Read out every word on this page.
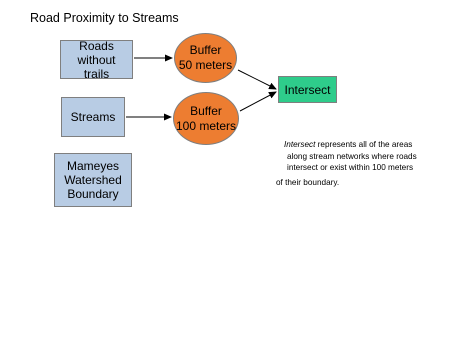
Road Proximity to Streams
Roads without
trails
Streams
Mameyes
Watershed
Boundary
Buffer
50 meters
Buffer
100 meters
Intersect

Intersect represents all of the areas

along stream networks where roads

intersect or exist within 100 meters

of their boundary.
